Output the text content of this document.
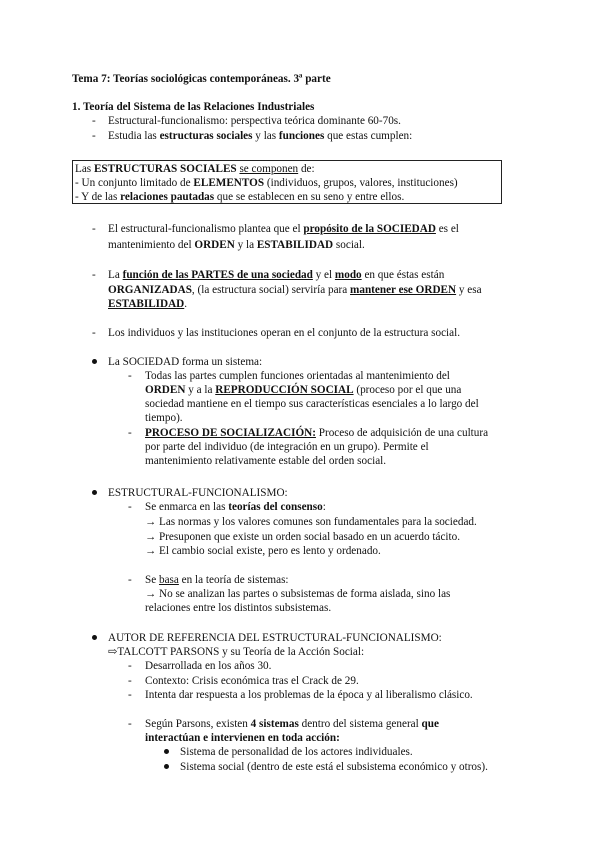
Tema 7: Teorías sociológicas contemporáneas. 3ª parte
1. Teoría del Sistema de las Relaciones Industriales
- Estructural-funcionalismo: perspectiva teórica dominante 60-70s.
- Estudia las estructuras sociales y las funciones que estas cumplen:
Las ESTRUCTURAS SOCIALES se componen de:
- Un conjunto limitado de ELEMENTOS (individuos, grupos, valores, instituciones)
- Y de las relaciones pautadas que se establecen en su seno y entre ellos.
- El estructural-funcionalismo plantea que el propósito de la SOCIEDAD es el
mantenimiento del ORDEN y la ESTABILIDAD social.
- La función de las PARTES de una sociedad y el modo en que éstas están
ORGANIZADAS, (la estructura social) serviría para mantener ese ORDEN y esa
ESTABILIDAD.
- Los individuos y las instituciones operan en el conjunto de la estructura social.
La SOCIEDAD forma un sistema:
- Todas las partes cumplen funciones orientadas al mantenimiento del
ORDEN y a la REPRODUCCIÓN SOCIAL (proceso por el que una
sociedad mantiene en el tiempo sus características esenciales a lo largo del
tiempo).
- PROCESO DE SOCIALIZACIÓN: Proceso de adquisición de una cultura
por parte del individuo (de integración en un grupo). Permite el
mantenimiento relativamente estable del orden social.
ESTRUCTURAL-FUNCIONALISMO:
- Se enmarca en las teorías del consenso:
→ Las normas y los valores comunes son fundamentales para la sociedad.
→ Presuponen que existe un orden social basado en un acuerdo tácito.
→ El cambio social existe, pero es lento y ordenado.
- Se basa en la teoría de sistemas:
→ No se analizan las partes o subsistemas de forma aislada, sino las
relaciones entre los distintos subsistemas.
AUTOR DE REFERENCIA DEL ESTRUCTURAL-FUNCIONALISMO:
⇨TALCOTT PARSONS y su Teoría de la Acción Social:
- Desarrollada en los años 30.
- Contexto: Crisis económica tras el Crack de 29.
- Intenta dar respuesta a los problemas de la época y al liberalismo clásico.
- Según Parsons, existen 4 sistemas dentro del sistema general que
interactúan e intervienen en toda acción:
Sistema de personalidad de los actores individuales.
Sistema social (dentro de este está el subsistema económico y otros).
